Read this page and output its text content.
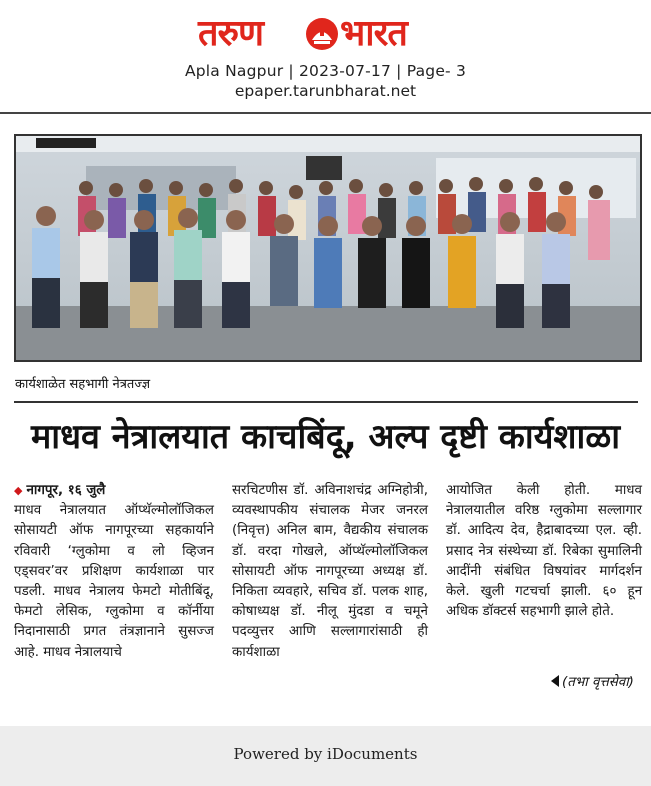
तरुण भारत
Apla Nagpur | 2023-07-17 | Page- 3
epaper.tarunbharat.net
कार्यशाळेत सहभागी नेत्रतज्ज्ञ
माधव नेत्रालयात काचबिंदू, अल्प दृष्टी कार्यशाळा
◆ नागपूर, १६ जुलै
माधव नेत्रालयात ऑप्थॅल्मोलॉजिकल सोसायटी ऑफ नागपूरच्या सहकार्याने रविवारी ‘ग्लुकोमा व लो व्हिजन एड्सवर’वर प्रशिक्षण कार्यशाळा पार पडली. माधव नेत्रालय फेमटो मोतीबिंदू, फेमटो लेसिक, ग्लुकोमा व कॉर्नीया निदानासाठी प्रगत तंत्रज्ञानाने सुसज्ज आहे. माधव नेत्रालयाचे
सरचिटणीस डॉ. अविनाशचंद्र अग्निहोत्री, व्यवस्थापकीय संचालक मेजर जनरल (निवृत्त) अनिल बाम, वैद्यकीय संचालक डॉ. वरदा गोखले, ऑप्थॅल्मोलॉजिकल सोसायटी ऑफ नागपूरच्या अध्यक्ष डॉ. निकिता व्यवहारे, सचिव डॉ. पलक शाह, कोषाध्यक्ष डॉ. नीलू मुंदडा व चमूने पदव्युत्तर आणि सल्लागारांसाठी ही कार्यशाळा
आयोजित केली होती. माधव नेत्रालयातील वरिष्ठ ग्लुकोमा सल्लागार डॉ. आदित्य देव, हैद्राबादच्या एल. व्ही. प्रसाद नेत्र संस्थेच्या डॉ. रिबेका सुमालिनी आदींनी संबंधित विषयांवर मार्गदर्शन केले. खुली गटचर्चा झाली. ६० हून अधिक डॉक्टर्स सहभागी झाले होते.
(तभा वृत्तसेवा)
Powered by iDocuments
